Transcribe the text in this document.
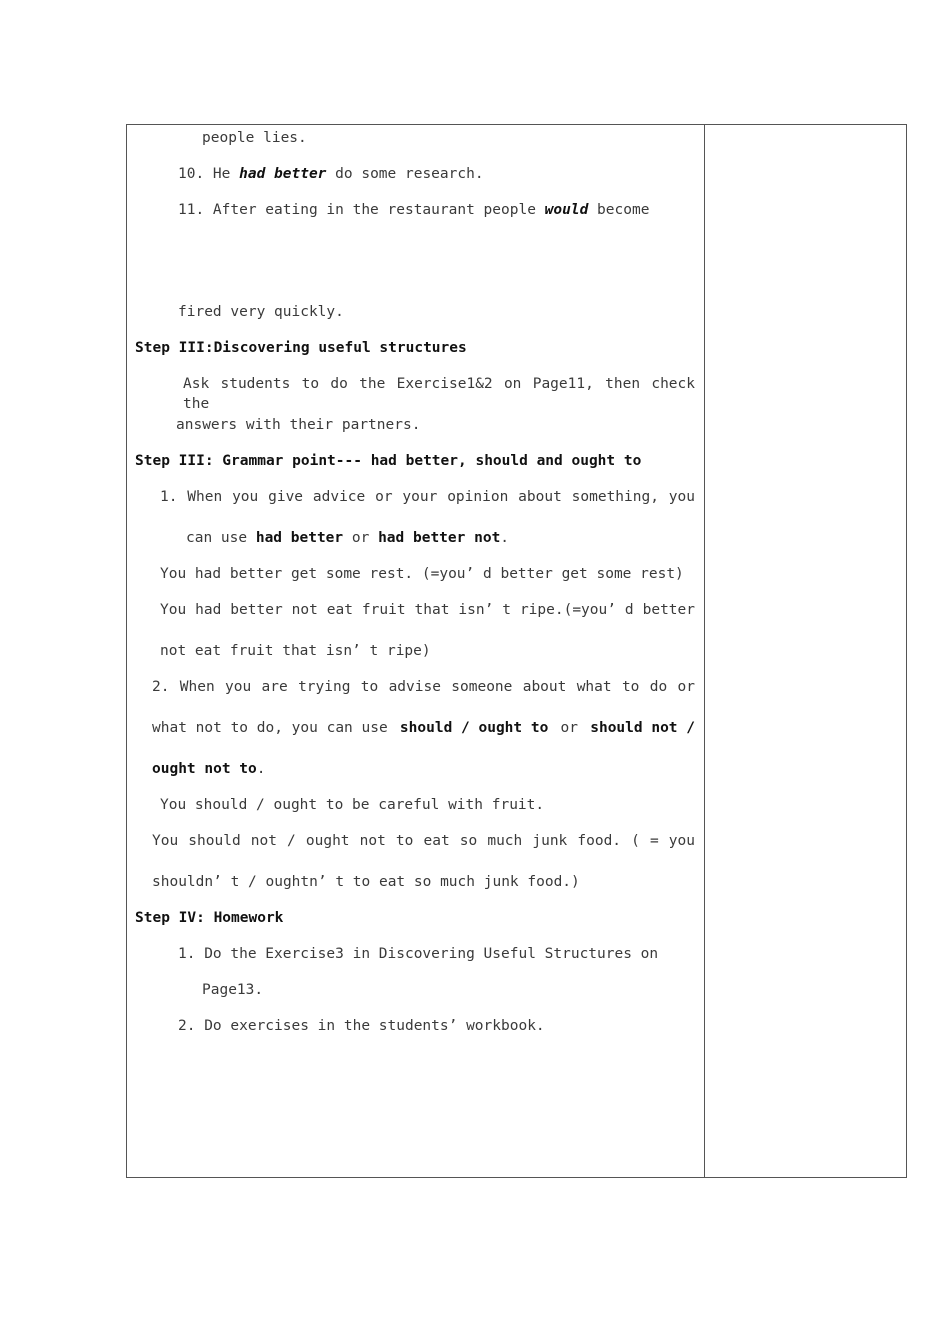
people lies.
10. He had better do some research.
11. After eating in the restaurant people would become
fired very quickly.
Step III:Discovering useful structures
Ask students to do the Exercise1&2 on Page11, then check the
answers with their partners.
Step III: Grammar point--- had better, should and ought to
1. When you give advice or your opinion about something, you
can use had better or had better not.
You had better get some rest. (=you’ d better get some rest)
You had better not eat fruit that isn’ t ripe.(=you’ d better
not eat fruit that isn’ t ripe)
2. When you are trying to advise someone about what to do or
what not to do, you can use should / ought to or should not /
ought not to.
You should / ought to be careful with fruit.
You should not / ought not to eat so much junk food. ( = you
shouldn’ t / oughtn’ t to eat so much junk food.)
Step IV: Homework
1. Do the Exercise3 in Discovering Useful Structures on
Page13.
2. Do exercises in the students’ workbook.
